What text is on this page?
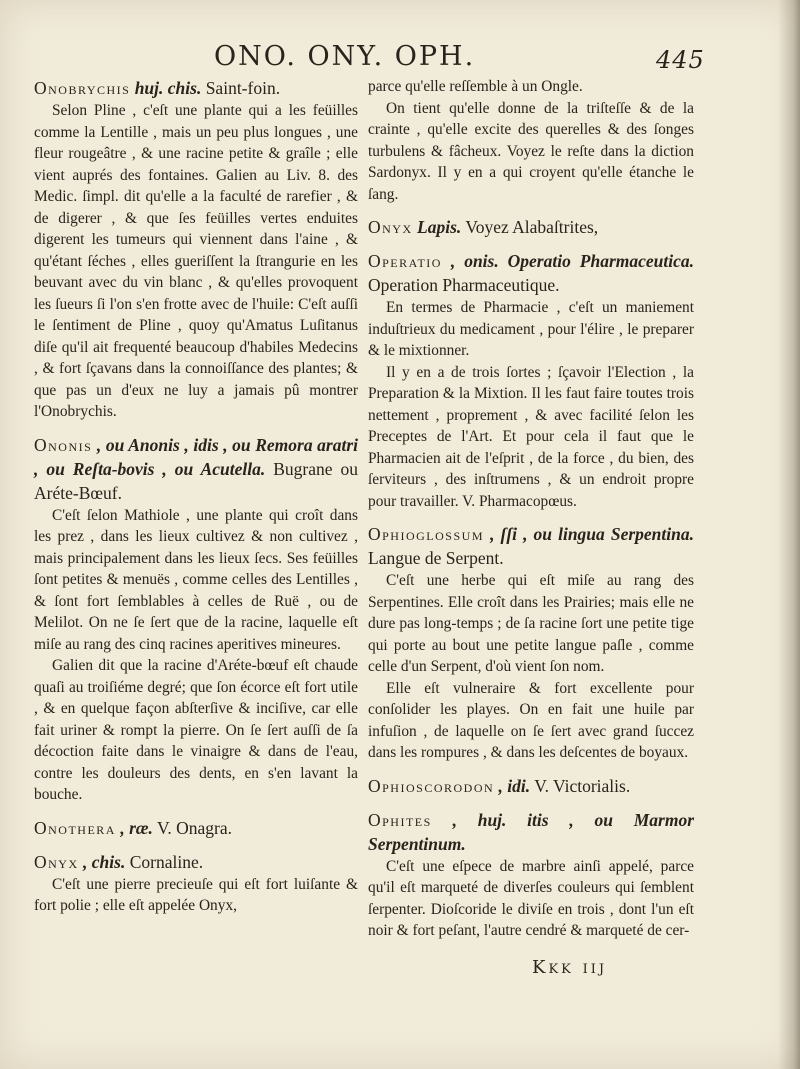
ONO. ONY. OPH.	445
Onobrychis huj. chis. Saint-foin.

Selon Pline , c'eſt une plante qui a les feüilles comme la Lentille , mais un peu plus longues , une fleur rougeâtre , & une racine petite & graîle ; elle vient auprés des fontaines. Galien au Liv. 8. des Medic. ſimpl. dit qu'elle a la faculté de rarefier , & de digerer , & que ſes feüilles vertes enduites digerent les tumeurs qui viennent dans l'aine , & qu'étant ſéches , elles gueriſſent la ſtrangurie en les beuvant avec du vin blanc , & qu'elles provoquent les ſueurs ſi l'on s'en frotte avec de l'huile: C'eſt auſſi le ſentiment de Pline , quoy qu'Amatus Luſitanus diſe qu'il ait frequenté beaucoup d'habiles Medecins , & fort ſçavans dans la connoiſſance des plantes; & que pas un d'eux ne luy a jamais pû montrer l'Onobrychis.

Ononis , ou Anonis , idis , ou Remora aratri , ou Reſta-bovis , ou Acutella. Bugrane ou Aréte-Bœuf.

C'eſt ſelon Mathiole , une plante qui croît dans les prez , dans les lieux cultivez & non cultivez , mais principalement dans les lieux ſecs. Ses feüilles ſont petites & menuës , comme celles des Lentilles , & ſont fort ſemblables à celles de Ruë , ou de Melilot. On ne ſe ſert que de la racine, laquelle eſt miſe au rang des cinq racines aperitives mineures.

Galien dit que la racine d'Aréte-bœuf eſt chaude quaſi au troiſiéme degré; que ſon écorce eſt fort utile , & en quelque façon abſterſive & inciſive, car elle fait uriner & rompt la pierre. On ſe ſert auſſi de ſa décoction faite dans le vinaigre & dans de l'eau, contre les douleurs des dents, en s'en lavant la bouche.

Onothera , ræ. V. Onagra.
Onyx , chis. Cornaline.

C'eſt une pierre precieuſe qui eſt fort luiſante & fort polie ; elle eſt appelée Onyx,

parce qu'elle reſſemble à un Ongle.

On tient qu'elle donne de la triſteſſe & de la crainte , qu'elle excite des querelles & des ſonges turbulens & fâcheux. Voyez le reſte dans la diction Sardonyx. Il y en a qui croyent qu'elle étanche le ſang.

Onyx Lapis. Voyez Alabaſtrites,
Operatio , onis. Operatio Pharmaceutica. Operation Pharmaceutique.

En termes de Pharmacie , c'eſt un maniement induſtrieux du medicament , pour l'élire , le preparer & le mixtionner.

Il y en a de trois ſortes ; ſçavoir l'Election , la Preparation & la Mixtion. Il les faut faire toutes trois nettement , proprement , & avec facilité ſelon les Preceptes de l'Art. Et pour cela il faut que le Pharmacien ait de l'eſprit , de la force , du bien, des ſerviteurs , des inſtrumens , & un endroit propre pour travailler. V. Pharmacopœus.

Ophioglossum , ſſi , ou lingua Serpentina. Langue de Serpent.

C'eſt une herbe qui eſt miſe au rang des Serpentines. Elle croît dans les Prairies; mais elle ne dure pas long-temps ; de ſa racine ſort une petite tige qui porte au bout une petite langue paſle , comme celle d'un Serpent, d'où vient ſon nom.

Elle eſt vulneraire & fort excellente pour conſolider les playes. On en fait une huile par infuſion , de laquelle on ſe ſert avec grand ſuccez dans les rompures , & dans les deſcentes de boyaux.

Ophioscorodon , idi. V. Victorialis.
Ophites , huj. itis , ou Marmor Serpentinum.

C'eſt une eſpece de marbre ainſi appelé, parce qu'il eſt marqueté de diverſes couleurs qui ſemblent ſerpenter. Dioſcoride le diviſe en trois , dont l'un eſt noir & fort peſant, l'autre cendré & marqueté de cer-

Kkk iij
